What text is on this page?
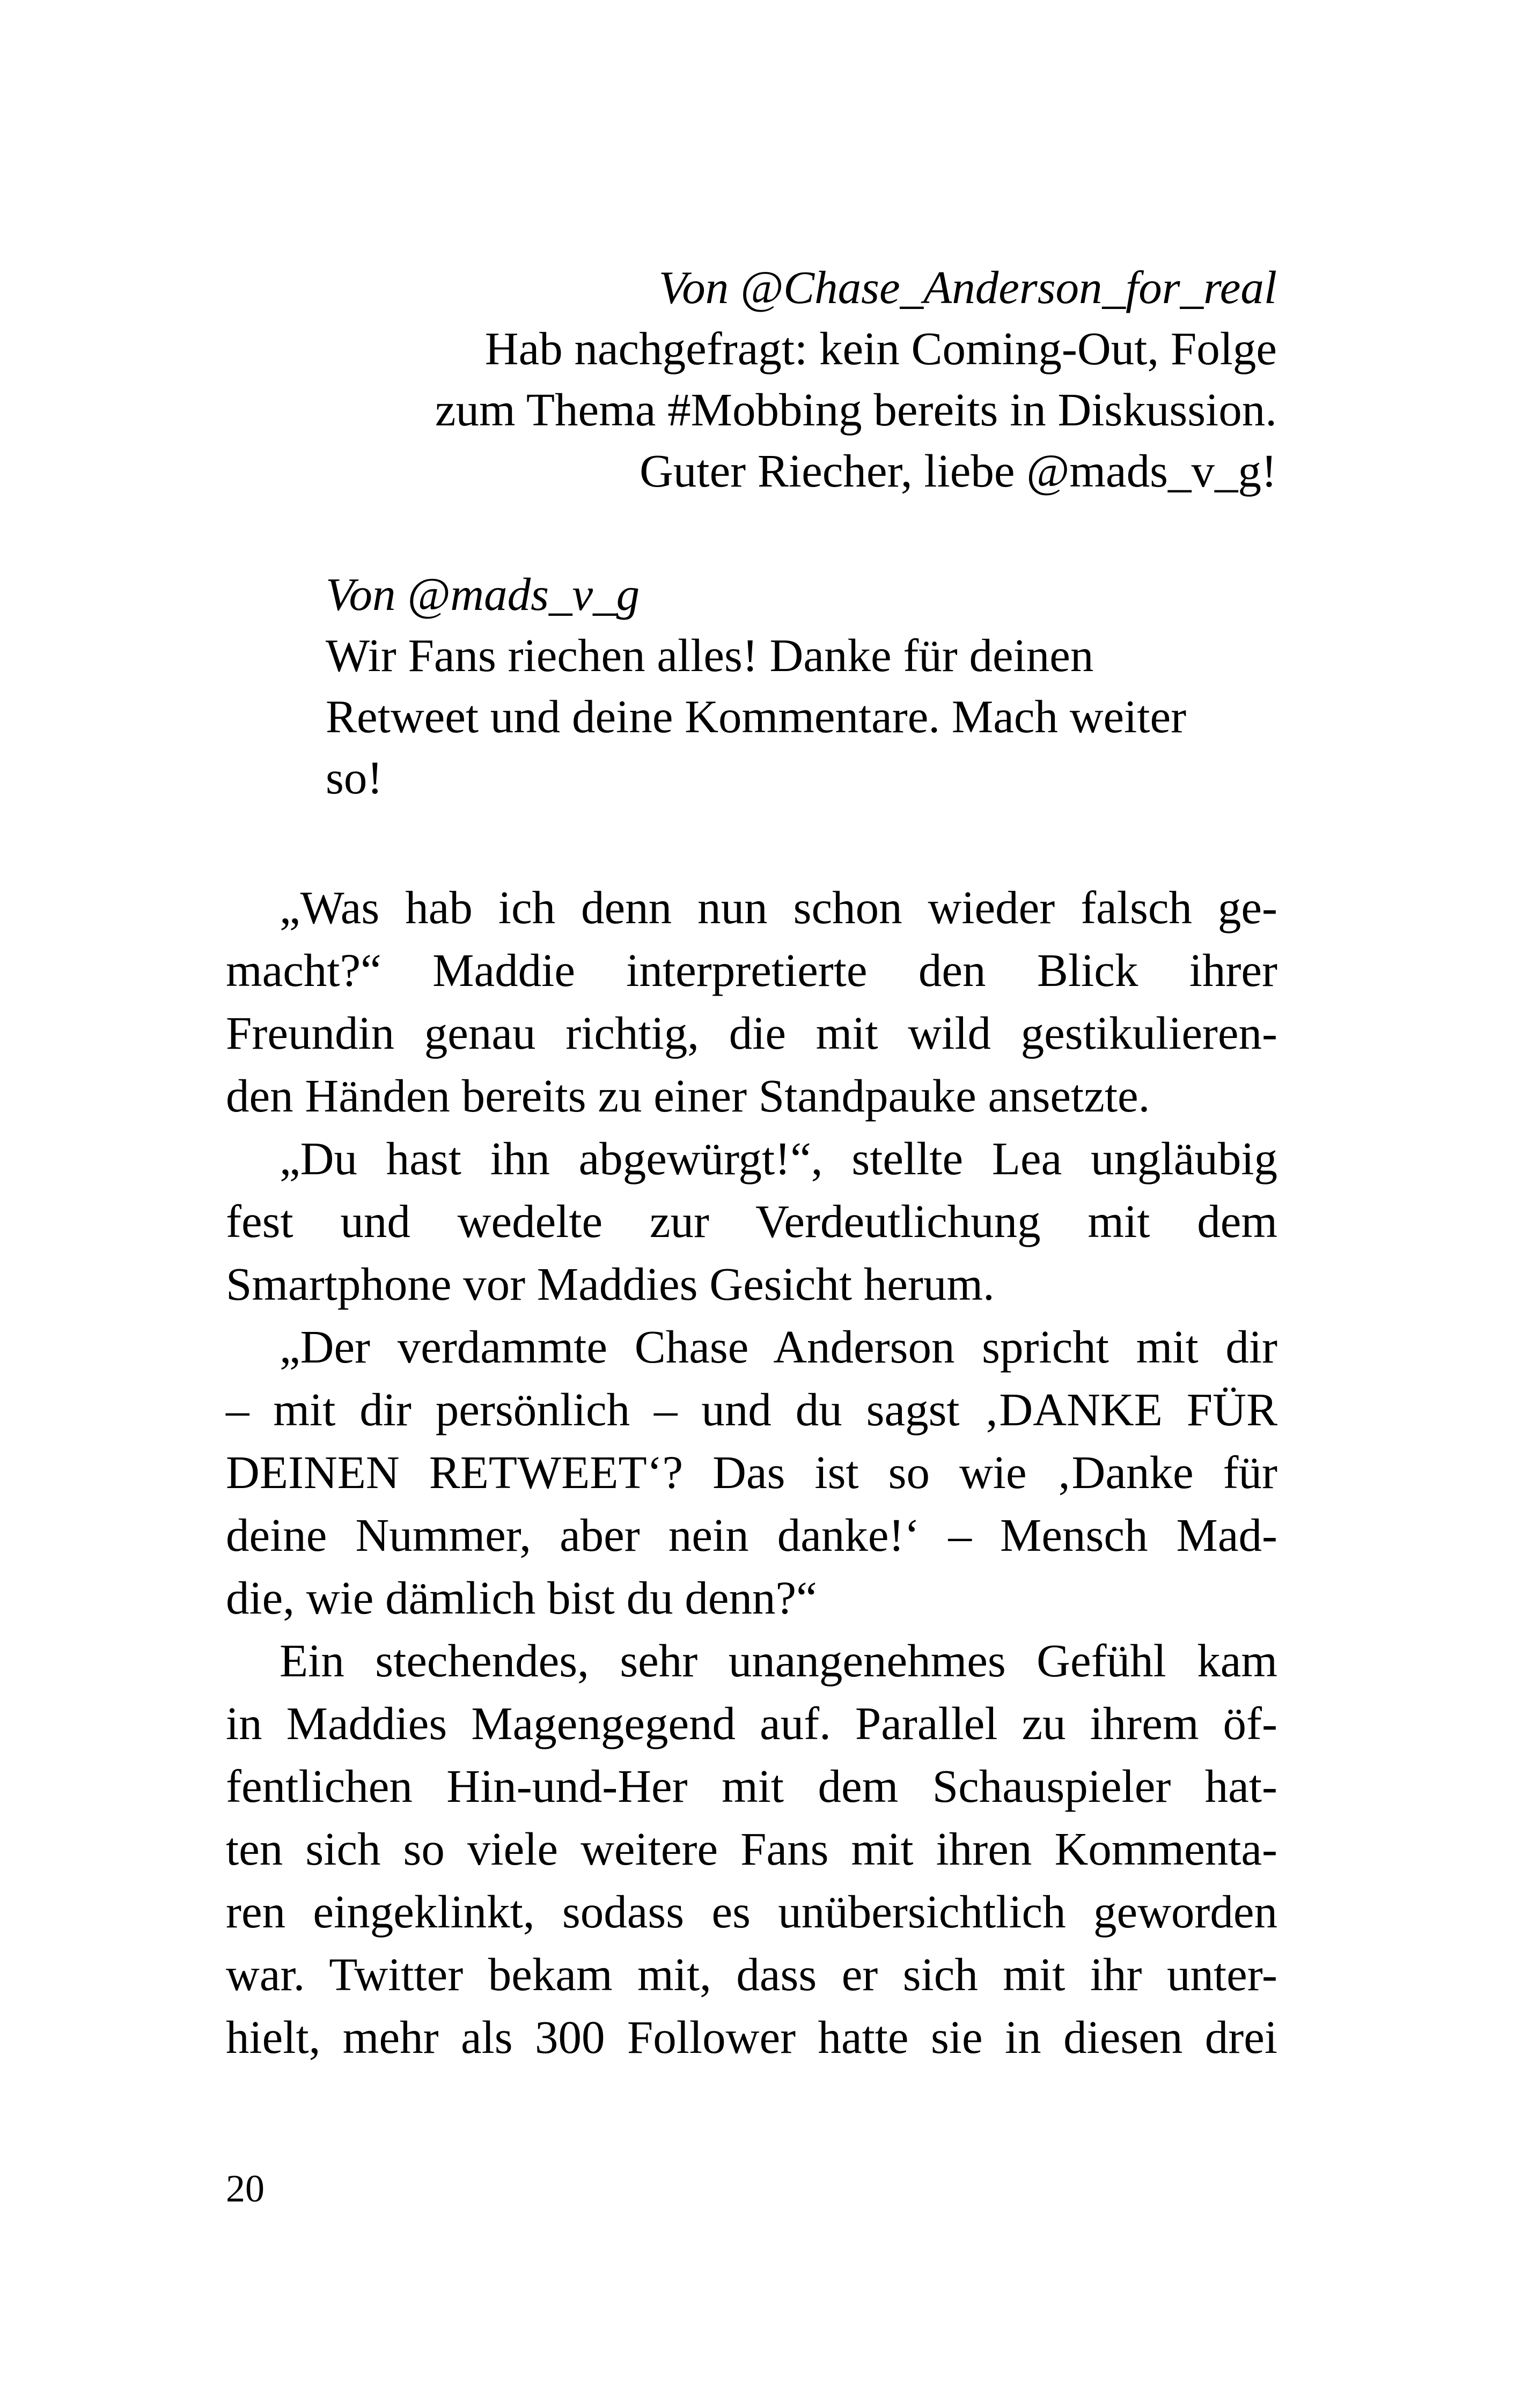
Von @Chase_Anderson_for_real
Hab nachgefragt: kein Coming-Out, Folge
zum Thema #Mobbing bereits in Diskussion.
Guter Riecher, liebe @mads_v_g!
Von @mads_v_g
Wir Fans riechen alles! Danke für deinen
Retweet und deine Kommentare. Mach weiter
so!
„Was hab ich denn nun schon wieder falsch ge-
macht?“ Maddie interpretierte den Blick ihrer
Freundin genau richtig, die mit wild gestikulieren-
den Händen bereits zu einer Standpauke ansetzte.
„Du hast ihn abgewürgt!“, stellte Lea ungläubig
fest und wedelte zur Verdeutlichung mit dem
Smartphone vor Maddies Gesicht herum.
„Der verdammte Chase Anderson spricht mit dir
– mit dir persönlich – und du sagst ‚DANKE FÜR
DEINEN RETWEET‘? Das ist so wie ‚Danke für
deine Nummer, aber nein danke!‘ – Mensch Mad-
die, wie dämlich bist du denn?“
Ein stechendes, sehr unangenehmes Gefühl kam
in Maddies Magengegend auf. Parallel zu ihrem öf-
fentlichen Hin-und-Her mit dem Schauspieler hat-
ten sich so viele weitere Fans mit ihren Kommenta-
ren eingeklinkt, sodass es unübersichtlich geworden
war. Twitter bekam mit, dass er sich mit ihr unter-
hielt, mehr als 300 Follower hatte sie in diesen drei
20
